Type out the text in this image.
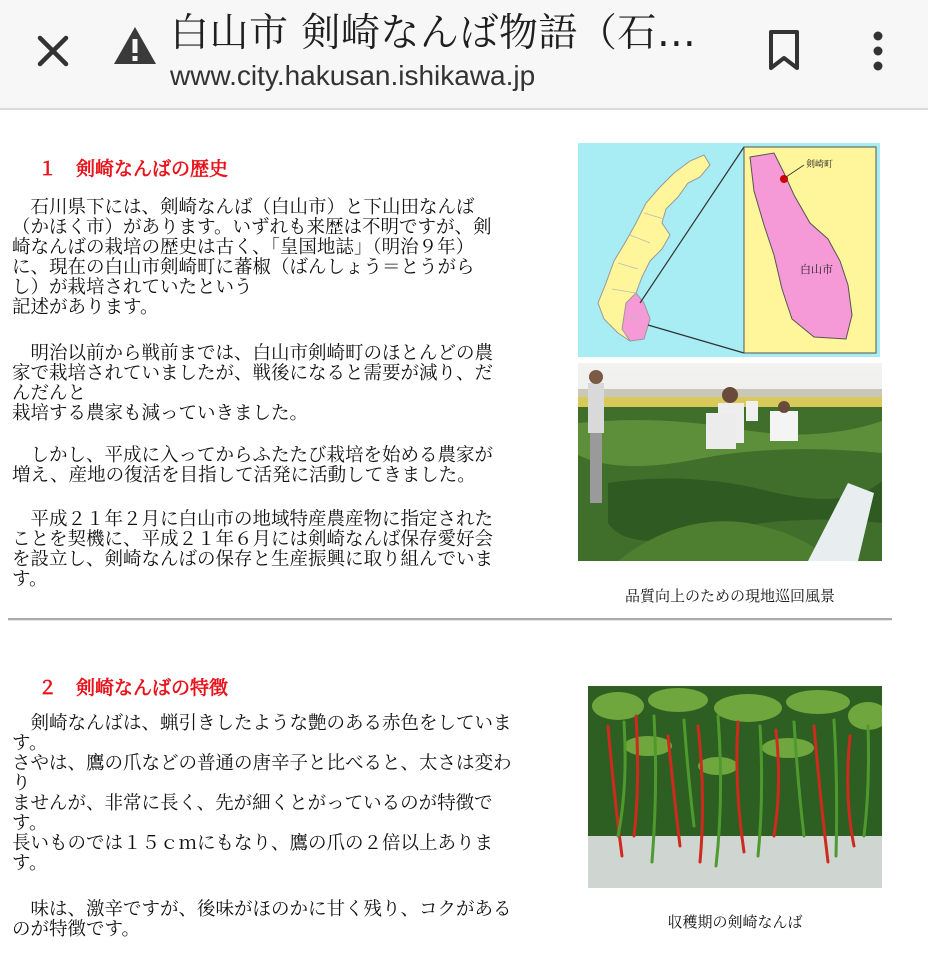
白山市 剣崎なんば物語（石…
www.city.hakusan.ishikawa.jp
１　剣崎なんばの歴史

　石川県下には、剣崎なんば（白山市）と下山田なんば
（かほく市）があります。いずれも来歴は不明ですが、剣
崎なんばの栽培の歴史は古く、「皇国地誌」（明治９年）
に、現在の白山市剣崎町に蕃椒（ばんしょう＝とうがら
し）が栽培されていたという
記述があります。

　明治以前から戦前までは、白山市剣崎町のほとんどの農
家で栽培されていましたが、戦後になると需要が減り、だ
んだんと
栽培する農家も減っていきました。

　しかし、平成に入ってからふたたび栽培を始める農家が
増え、産地の復活を目指して活発に活動してきました。

　平成２１年２月に白山市の地域特産農産物に指定された
ことを契機に、平成２１年６月には剣崎なんば保存愛好会
を設立し、剣崎なんばの保存と生産振興に取り組んでいま
す。

剣崎町
白山市
品質向上のための現地巡回風景
２　剣崎なんばの特徴

　剣崎なんばは、蝋引きしたような艶のある赤色をしていま
す。
さやは、鷹の爪などの普通の唐辛子と比べると、太さは変わ
り
ませんが、非常に長く、先が細くとがっているのが特徴で
す。
長いものでは１５ｃｍにもなり、鷹の爪の２倍以上ありま
す。

　味は、激辛ですが、後味がほのかに甘く残り、コクがある
のが特徴です。	収穫期の剣崎なんば
